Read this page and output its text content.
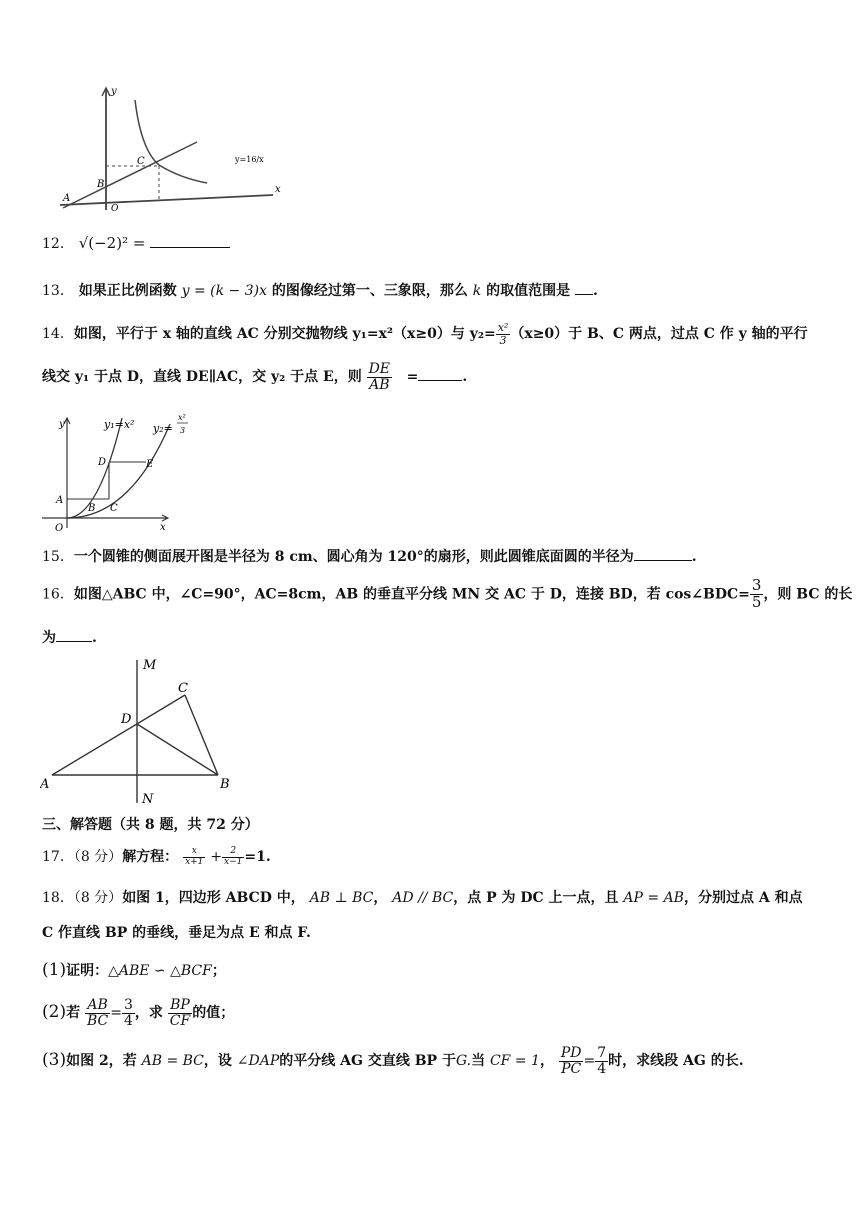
y
x
O
A
B
C	y=16/x
12． √(−2)² =
13． 如果正比例函数 y = (k − 3)x 的图像经过第一、三象限，那么 k 的取值范围是 .
14．如图，平行于 x 轴的直线 AC 分别交抛物线 y₁=x²（x≥0）与 $y_2= \frac{\text{x²}}{3} (x\ge 0)$于 B、C 两点，过点 C 作 y 轴的平行
线交 y₁ 于点 D，直线 DE∥AC，交 y₂ 于点 E，则 $\frac{DE}{AB}$ =	.
y
x
O
y₁=x² y₂=
x²
3
A
B C
D	E
15．一个圆锥的侧面展开图是半径为 8 cm、圆心角为 120°的扇形，则此圆锥底面圆的半径为	.
16．如图△ABC 中，∠C=90°，AC=8cm，AB 的垂直平分线 MN 交 AC 于 D，连接 BD，若 cos∠BDC= $\frac{3}{5}$ ，则 BC 的长
为	.
M
N
A	B
C
D
三、解答题（共 8 题，共 72 分）
17．（8 分）解方程： $\frac{x}{x+1} + \frac{2}{x-1} =1$.
18．（8 分）如图 1，四边形 ABCD 中， AB ⊥ BC， AD // BC，点 P 为 DC 上一点，且 AP = AB，分别过点 A 和点
C 作直线 BP 的垂线，垂足为点 E 和点 F.
(1)证明：△ABE ∽ △BCF；
(2)若 $\frac{AB}{BC} = \frac{3}{4}$ ，求 $\frac{BP}{CF}$ 的值；
(3)如图 2，若 AB = BC，设 ∠DAP的平分线 AG 交直线 BP 于G.当 CF = 1， $\frac{PD}{PC} = \frac{7}{4}$ 时，求线段 AG 的长.
